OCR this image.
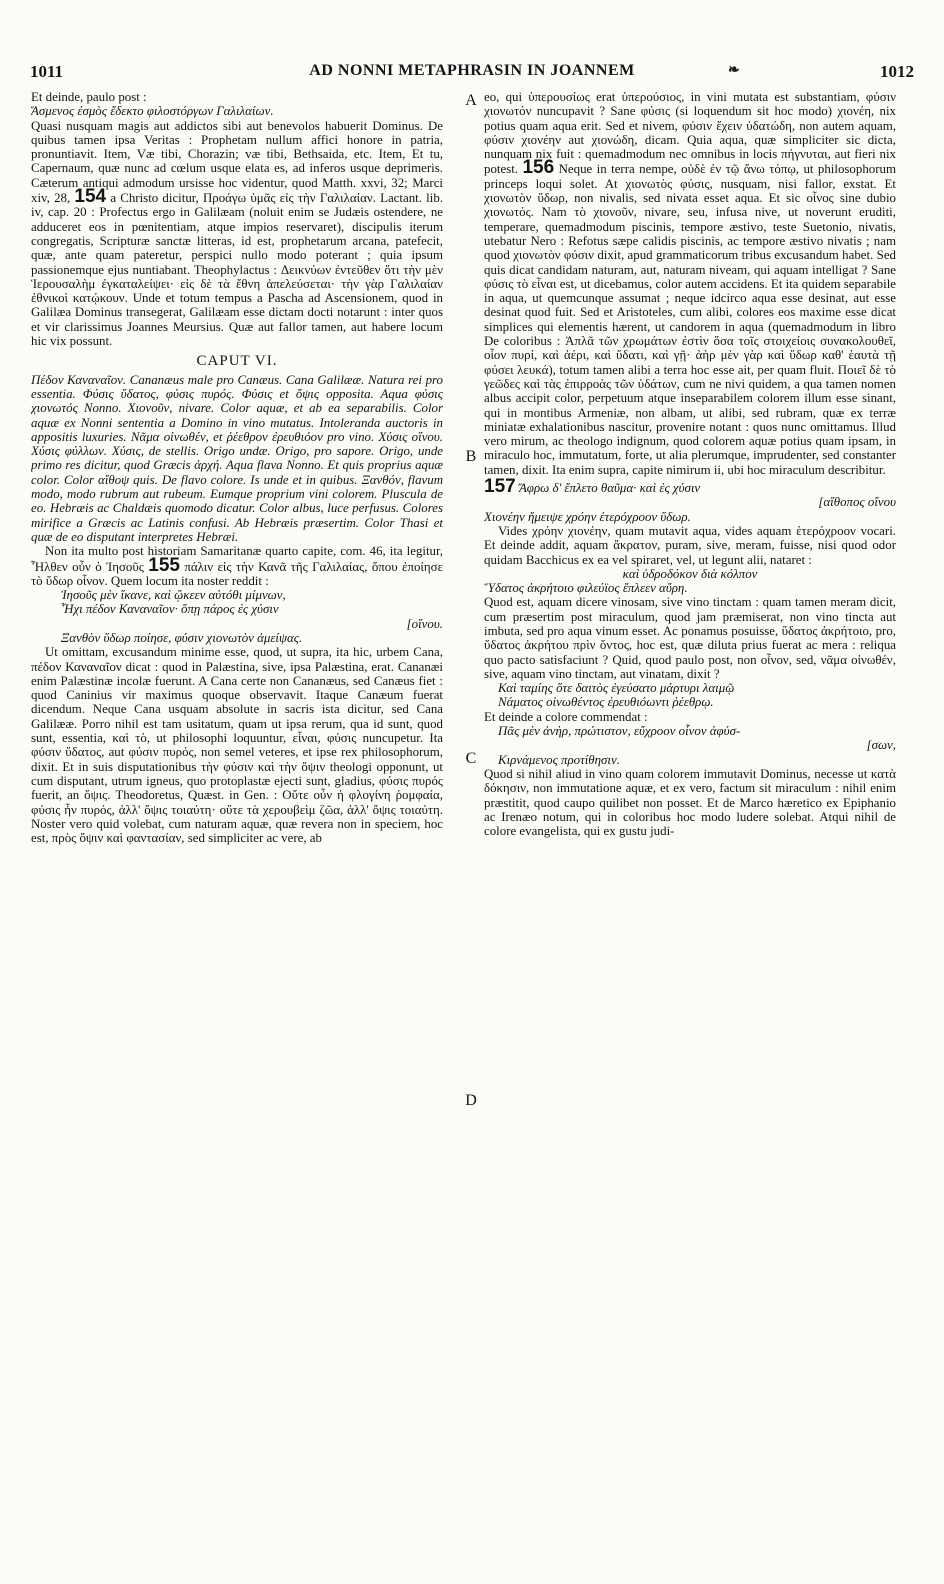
1011	AD NONNI METAPHRASIN IN JOANNEM	❧	1012
A
B
C
D

Et deinde, paulo post :

Ἄσμενος ἐσμὸς ἔδεκτο φιλοστόργων Γαλιλαίων.

Quasi nusquam magis aut addictos sibi aut benevolos habuerit Dominus. De quibus tamen ipsa Veritas : Prophetam nullum affici honore in patria, pronuntiavit. Item, Væ tibi, Chorazin; væ tibi, Bethsaida, etc. Item, Et tu, Capernaum, quæ nunc ad cœlum usque elata es, ad inferos usque deprimeris. Cæterum antiqui admodum ursisse hoc videntur, quod Matth. xxvi, 32; Marci xiv, 28, 154 a Christo dicitur, Προάγω ὑμᾶς εἰς τὴν Γαλιλαίαν. Lactant. lib. iv, cap. 20 : Profectus ergo in Galilæam (noluit enim se Judæis ostendere, ne adduceret eos in pœnitentiam, atque impios reservaret), discipulis iterum congregatis, Scripturæ sanctæ litteras, id est, prophetarum arcana, patefecit, quæ, ante quam pateretur, perspici nullo modo poterant ; quia ipsum passionemque ejus nuntiabant. Theophylactus : Δεικνύων ἐντεῦθεν ὅτι τὴν μὲν Ἱερουσαλὴμ ἐγκαταλείψει· εἰς δὲ τὰ ἔθνη ἀπελεύσεται· τὴν γὰρ Γαλιλαίαν ἐθνικοὶ κατῴκουν. Unde et totum tempus a Pascha ad Ascensionem, quod in Galilæa Dominus transegerat, Galilæam esse dictam docti notarunt : inter quos et vir clarissimus Joannes Meursius. Quæ aut fallor tamen, aut habere locum hic vix possunt.

CAPUT VI.

Πέδον Καναναῖον. Cananæus male pro Canæus. Cana Galilææ. Natura rei pro essentia. Φύσις ὕδατος, φύσις πυρός. Φύσις et ὄψις opposita. Aqua φύσις χιονωτός Nonno. Χιονοῦν, nivare. Color aquæ, et ab ea separabilis. Color aquæ ex Nonni sententia a Domino in vino mutatus. Intoleranda auctoris in appositis luxuries. Νᾶμα οἰνωθέν, et ῥέεθρον ἐρευθιόον pro vino. Χύσις οἴνου. Χύσις φύλλων. Χύσις, de stellis. Origo undæ. Origo, pro sapore. Origo, unde primo res dicitur, quod Græcis ἀρχή. Aqua flava Nonno. Et quis proprius aquæ color. Color αἴθοψ quis. De flavo colore. Is unde et in quibus. Ξανθόν, flavum modo, modo rubrum aut rubeum. Eumque proprium vini colorem. Pluscula de eo. Hebræis ac Chaldæis quomodo dicatur. Color albus, luce perfusus. Colores mirifice a Græcis ac Latinis confusi. Ab Hebræis præsertim. Color Thasi et quæ de eo disputant interpretes Hebræi.

Non ita multo post historiam Samaritanæ quarto capite, com. 46, ita legitur, Ἦλθεν οὖν ὁ Ἰησοῦς 155 πάλιν εἰς τὴν Κανᾶ τῆς Γαλιλαίας, ὅπου ἐποίησε τὸ ὕδωρ οἶνον. Quem locum ita noster reddit :

Ἰησοῦς μὲν ἵκανε, καὶ ᾤκεεν αὐτόθι μίμνων,

Ἧχι πέδον Καναναῖον· ὅπῃ πάρος ἐς χύσιν

[οἴνου.

Ξανθὸν ὕδωρ ποίησε, φύσιν χιονωτὸν ἀμείψας.

Ut omittam, excusandum minime esse, quod, ut supra, ita hic, urbem Cana, πέδον Καναναῖον dicat : quod in Palæstina, sive, ipsa Palæstina, erat. Cananæi enim Palæstinæ incolæ fuerunt. A Cana certe non Cananæus, sed Canæus fiet : quod Caninius vir maximus quoque observavit. Itaque Canæum fuerat dicendum. Neque Cana usquam absolute in sacris ista dicitur, sed Cana Galilææ. Porro nihil est tam usitatum, quam ut ipsa rerum, qua id sunt, quod sunt, essentia, καὶ τὸ, ut philosophi loquuntur, εἶναι, φύσις nuncupetur. Ita φύσιν ὕδατος, aut φύσιν πυρός, non semel veteres, et ipse rex philosophorum, dixit. Et in suis disputationibus τὴν φύσιν καὶ τὴν ὄψιν theologi opponunt, ut cum disputant, utrum igneus, quo protoplastæ ejecti sunt, gladius, φύσις πυρός fuerit, an ὄψις. Theodoretus, Quæst. in Gen. : Οὔτε οὖν ἡ φλογίνη ῥομφαία, φύσις ἦν πυρός, ἀλλ' ὄψις τοιαύτη· οὔτε τὰ χερουβεὶμ ζῶα, ἀλλ' ὄψις τοιαύτη. Noster vero quid volebat, cum naturam aquæ, quæ revera non in speciem, hoc est, πρὸς ὄψιν καὶ φαντασίαν, sed simpliciter ac vere, ab

eo, qui ὑπερουσίως erat ὑπερούσιος, in vini mutata est substantiam, φύσιν χιονωτόν nuncupavit ? Sane φύσις (si loquendum sit hoc modo) χιονέη, nix potius quam aqua erit. Sed et nivem, φύσιν ἔχειν ὑδατώδη, non autem aquam, φύσιν χιονέην aut χιονώδη, dicam. Quia aqua, quæ simpliciter sic dicta, nunquam nix fuit : quemadmodum nec omnibus in locis πήγνυται, aut fieri nix potest. 156 Neque in terra nempe, οὐδὲ ἐν τῷ ἄνω τόπῳ, ut philosophorum princeps loqui solet. At χιονωτὸς φύσις, nusquam, nisi fallor, exstat. Et χιονωτὸν ὕδωρ, non nivalis, sed nivata esset aqua. Et sic οἶνος sine dubio χιονωτός. Nam τὸ χιονοῦν, nivare, seu, infusa nive, ut noverunt eruditi, temperare, quemadmodum piscinis, tempore æstivo, teste Suetonio, nivatis, utebatur Nero : Refotus sæpe calidis piscinis, ac tempore æstivo nivatis ; nam quod χιονωτὸν φύσιν dixit, apud grammaticorum tribus excusandum habet. Sed quis dicat candidam naturam, aut, naturam niveam, qui aquam intelligat ? Sane φύσις τὸ εἶναι est, ut dicebamus, color autem accidens. Et ita quidem separabile in aqua, ut quemcunque assumat ; neque idcirco aqua esse desinat, aut esse desinat quod fuit. Sed et Aristoteles, cum alibi, colores eos maxime esse dicat simplices qui elementis hærent, ut candorem in aqua (quemadmodum in libro De coloribus : Ἁπλᾶ τῶν χρωμάτων ἐστὶν ὅσα τοῖς στοιχείοις συνακολουθεῖ, οἷον πυρί, καὶ ἀέρι, καὶ ὕδατι, καὶ γῇ· ἀὴρ μὲν γὰρ καὶ ὕδωρ καθ' ἑαυτὰ τῇ φύσει λευκά), totum tamen alibi a terra hoc esse ait, per quam fluit. Ποιεῖ δὲ τὸ γεῶδες καὶ τὰς ἐπιρροὰς τῶν ὑδάτων, cum ne nivi quidem, a qua tamen nomen albus accipit color, perpetuum atque inseparabilem colorem illum esse sinant, qui in montibus Armeniæ, non albam, ut alibi, sed rubram, quæ ex terræ miniatæ exhalationibus nascitur, provenire notant : quos nunc omittamus. Illud vero mirum, ac theologo indignum, quod colorem aquæ potius quam ipsam, in miraculo hoc, immutatum, forte, ut alia plerumque, imprudenter, sed constanter tamen, dixit. Ita enim supra, capite nimirum ii, ubi hoc miraculum describitur.

157 Ἄφρω δ' ἔπλετο θαῦμα· καὶ ἐς χύσιν

[αἴθοπος οἴνου

Χιονέην ἤμειψε χρόην ἑτερόχροον ὕδωρ.

Vides χρόην χιονέην, quam mutavit aqua, vides aquam ἑτερόχροον vocari. Et deinde addit, aquam ἄκρατον, puram, sive, meram, fuisse, nisi quod odor quidam Bacchicus ex ea vel spiraret, vel, ut legunt alii, nataret :

καὶ ὑδροδόκον διὰ κόλπον

Ὕδατος ἀκρήτοιο φιλεύϊος ἔπλεεν αὔρη.

Quod est, aquam dicere vinosam, sive vino tinctam : quam tamen meram dicit, cum præsertim post miraculum, quod jam præmiserat, non vino tincta aut imbuta, sed pro aqua vinum esset. Ac ponamus posuisse, ὕδατος ἀκρήτοιο, pro, ὕδατος ἀκρήτου πρὶν ὄντος, hoc est, quæ diluta prius fuerat ac mera : reliqua quo pacto satisfaciunt ? Quid, quod paulo post, non οἶνον, sed, νᾶμα οἰνωθέν, sive, aquam vino tinctam, aut vinatam, dixit ?

Καὶ ταμίης ὅτε δαιτὸς ἐγεύσατο μάρτυρι λαιμῷ

Νάματος οἰνωθέντος ἐρευθιόωντι ῥέεθρῳ.

Et deinde a colore commendat :

Πᾶς μὲν ἀνὴρ, πρώτιστον, εὔχροον οἶνον ἀφύσ-

[σων,

Κιρνάμενος προτίθησιν.

Quod si nihil aliud in vino quam colorem immutavit Dominus, necesse ut κατὰ δόκησιν, non immutatione aquæ, et ex vero, factum sit miraculum : nihil enim præstitit, quod caupo quilibet non posset. Et de Marco hæretico ex Epiphanio ac Irenæo notum, qui in coloribus hoc modo ludere solebat. Atqui nihil de colore evangelista, qui ex gustu judi-
